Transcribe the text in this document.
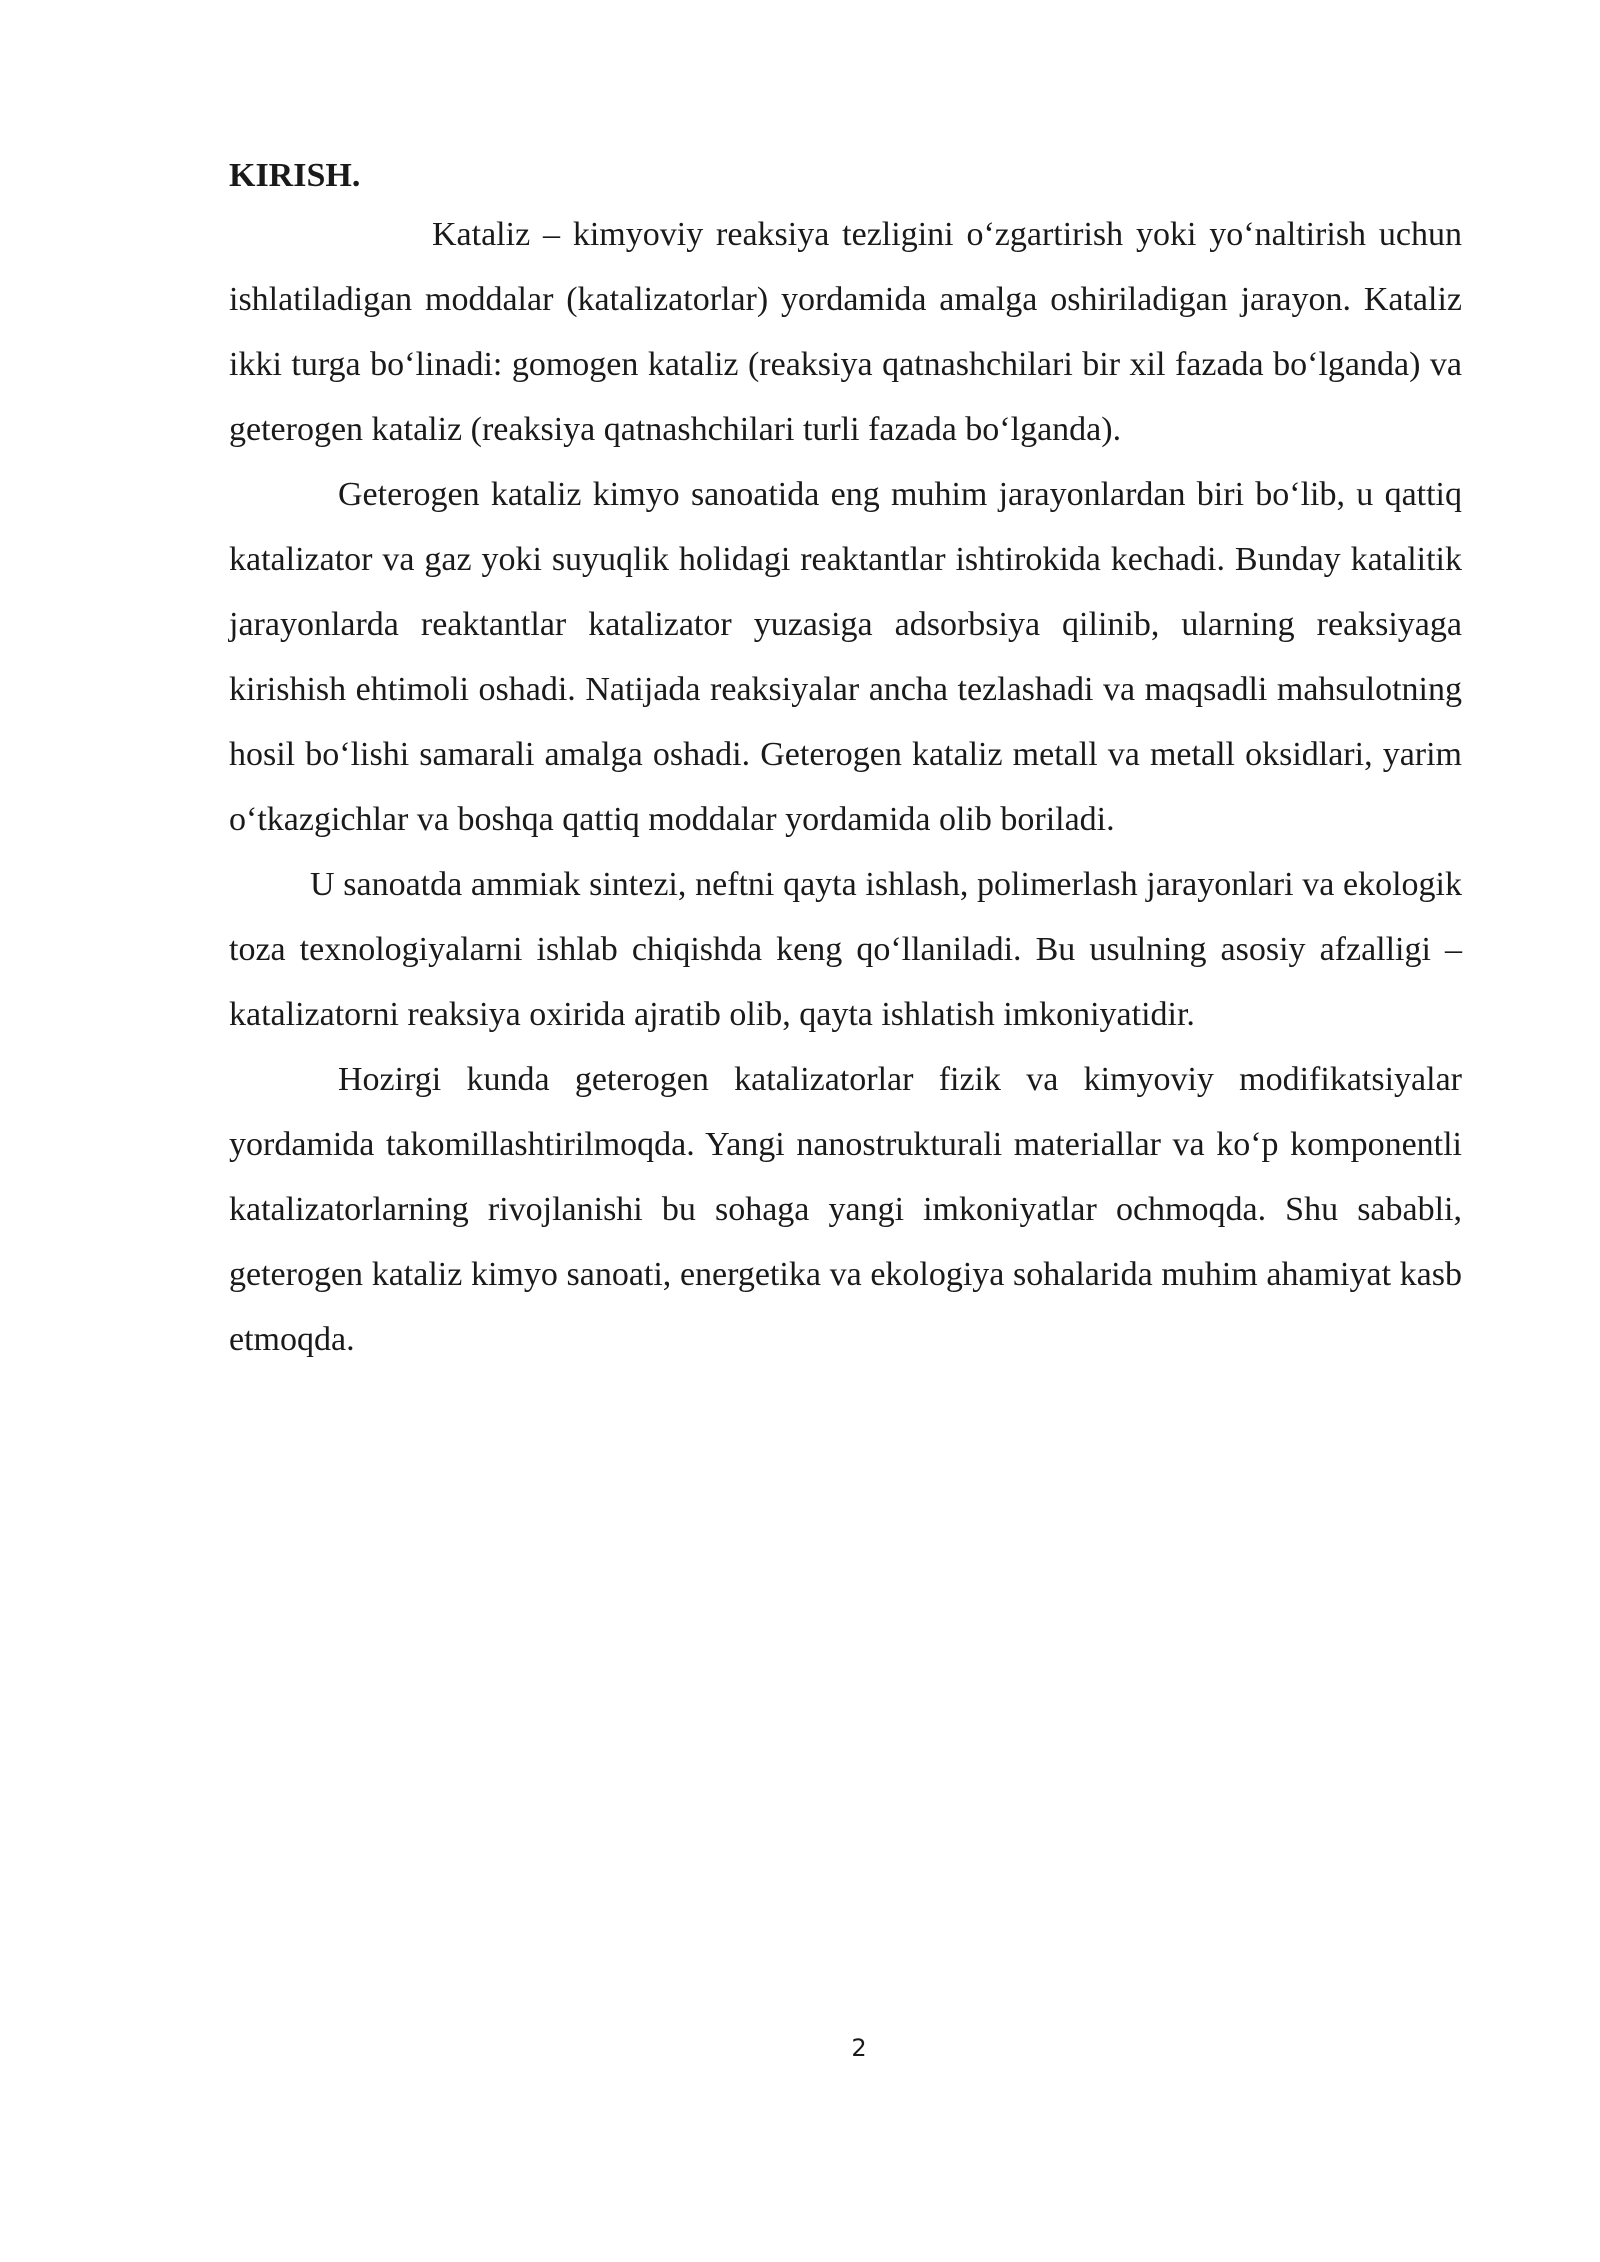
KIRISH.

Kataliz – kimyoviy reaksiya tezligini oʻzgartirish yoki yoʻnaltirish uchun ishlatiladigan moddalar (katalizatorlar) yordamida amalga oshiriladigan jarayon. Kataliz ikki turga boʻlinadi: gomogen kataliz (reaksiya qatnashchilari bir xil fazada boʻlganda) va geterogen kataliz (reaksiya qatnashchilari turli fazada boʻlganda).

Geterogen kataliz kimyo sanoatida eng muhim jarayonlardan biri boʻlib, u qattiq katalizator va gaz yoki suyuqlik holidagi reaktantlar ishtirokida kechadi. Bunday katalitik jarayonlarda reaktantlar katalizator yuzasiga adsorbsiya qilinib, ularning reaksiyaga kirishish ehtimoli oshadi. Natijada reaksiyalar ancha tezlashadi va maqsadli mahsulotning hosil boʻlishi samarali amalga oshadi. Geterogen kataliz metall va metall oksidlari, yarim oʻtkazgichlar va boshqa qattiq moddalar yordamida olib boriladi.

U sanoatda ammiak sintezi, neftni qayta ishlash, polimerlash jarayonlari va ekologik toza texnologiyalarni ishlab chiqishda keng qoʻllaniladi. Bu usulning asosiy afzalligi – katalizatorni reaksiya oxirida ajratib olib, qayta ishlatish imkoniyatidir.

Hozirgi kunda geterogen katalizatorlar fizik va kimyoviy modifikatsiyalar yordamida takomillashtirilmoqda. Yangi nanostrukturali materiallar va koʻp komponentli katalizatorlarning rivojlanishi bu sohaga yangi imkoniyatlar ochmoqda. Shu sababli, geterogen kataliz kimyo sanoati, energetika va ekologiya sohalarida muhim ahamiyat kasb etmoqda.

2
